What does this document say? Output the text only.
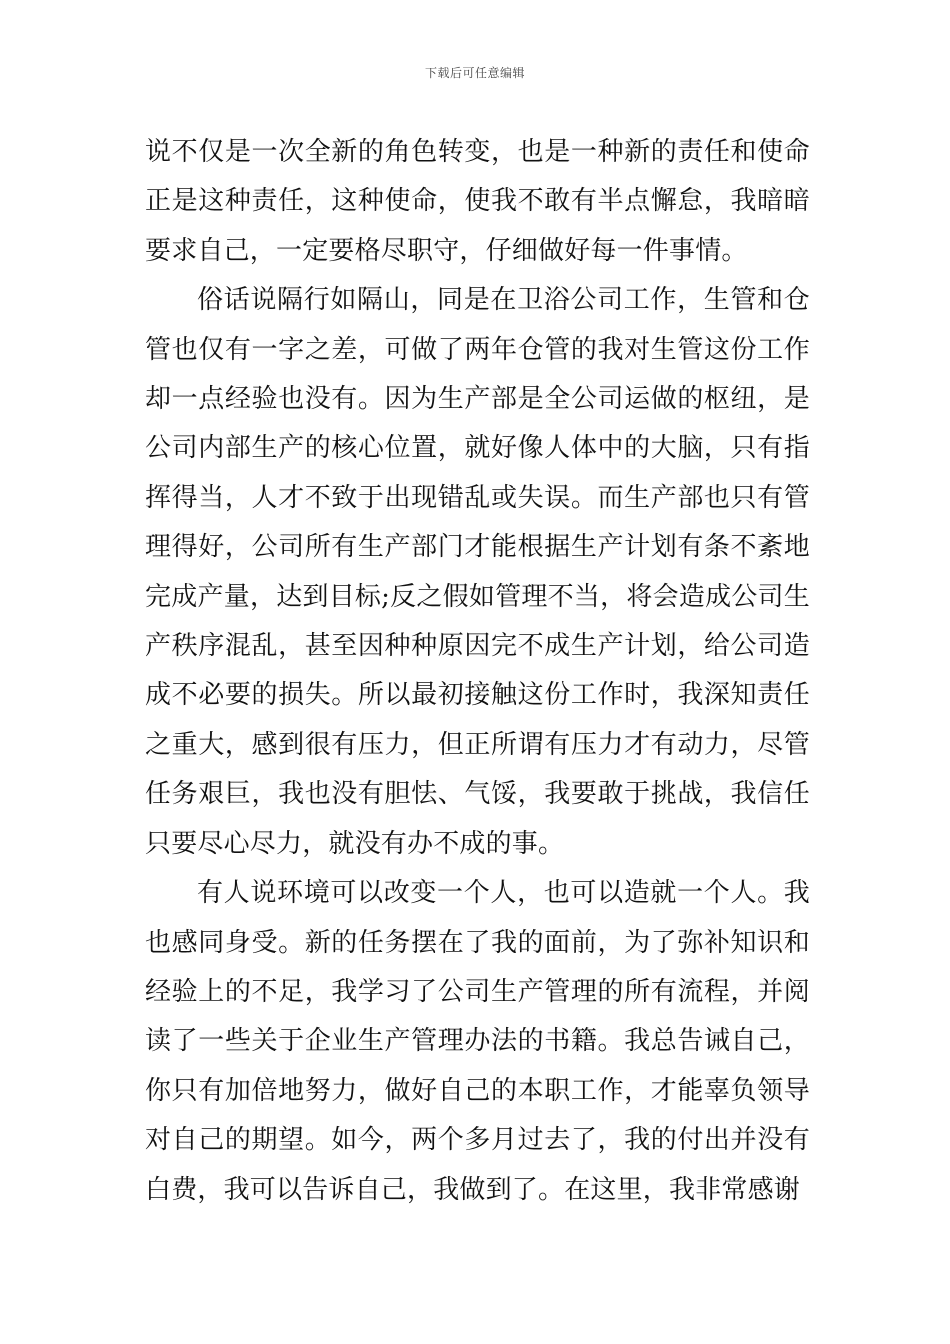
下载后可任意编辑

说不仅是一次全新的角色转变，也是一种新的责任和使命正是这种责任，这种使命，使我不敢有半点懈怠，我暗暗要求自己，一定要格尽职守，仔细做好每一件事情。

俗话说隔行如隔山，同是在卫浴公司工作，生管和仓管也仅有一字之差，可做了两年仓管的我对生管这份工作却一点经验也没有。因为生产部是全公司运做的枢纽，是公司内部生产的核心位置，就好像人体中的大脑，只有指挥得当，人才不致于出现错乱或失误。而生产部也只有管理得好，公司所有生产部门才能根据生产计划有条不紊地完成产量，达到目标;反之假如管理不当，将会造成公司生产秩序混乱，甚至因种种原因完不成生产计划，给公司造成不必要的损失。所以最初接触这份工作时，我深知责任之重大，感到很有压力，但正所谓有压力才有动力，尽管任务艰巨，我也没有胆怯、气馁，我要敢于挑战，我信任只要尽心尽力，就没有办不成的事。

有人说环境可以改变一个人，也可以造就一个人。我也感同身受。新的任务摆在了我的面前，为了弥补知识和经验上的不足，我学习了公司生产管理的所有流程，并阅读了一些关于企业生产管理办法的书籍。我总告诫自己，你只有加倍地努力，做好自己的本职工作，才能辜负领导对自己的期望。如今，两个多月过去了，我的付出并没有白费，我可以告诉自己，我做到了。在这里，我非常感谢
